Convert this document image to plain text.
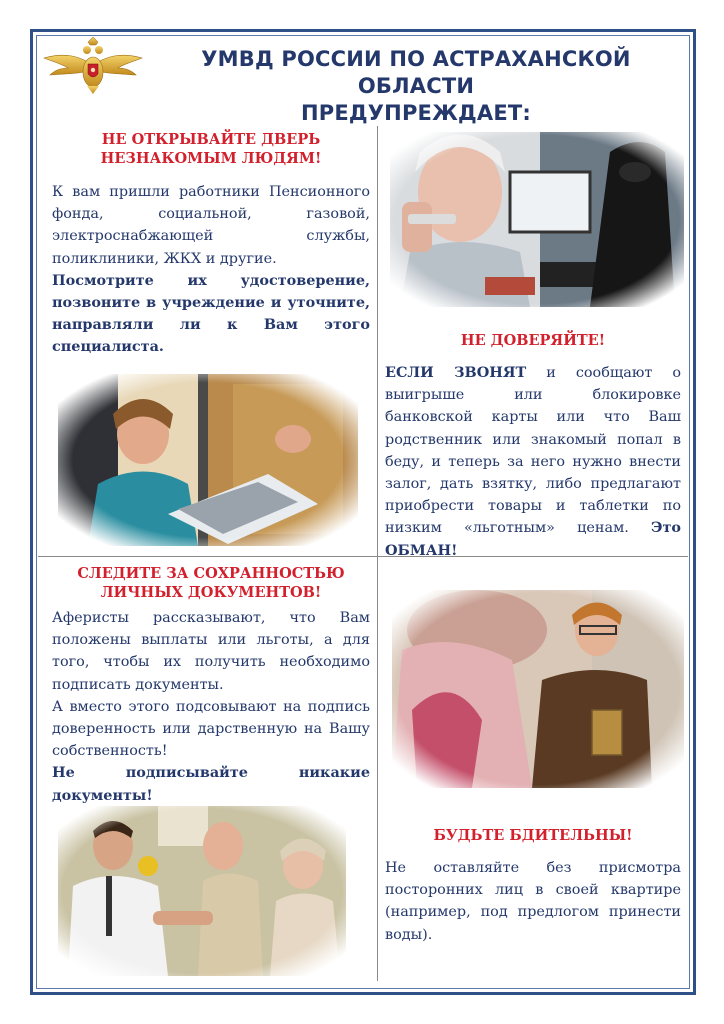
УМВД РОССИИ ПО АСТРАХАНСКОЙ ОБЛАСТИ
ПРЕДУПРЕЖДАЕТ:
НЕ ОТКРЫВАЙТЕ ДВЕРЬ
НЕЗНАКОМЫМ ЛЮДЯМ!

К вам пришли работники Пенсионного фонда, социальной, газовой, электроснабжающей службы, поликлиники, ЖКХ и другие.

Посмотрите их удостоверение, позвоните в учреждение и уточните, направляли ли к Вам этого специалиста.	НЕ ДОВЕРЯЙТЕ!

ЕСЛИ ЗВОНЯТ и сообщают о выигрыше или блокировке банковской карты или что Ваш родственник или знакомый попал в беду, и теперь за него нужно внести залог, дать взятку, либо предлагают приобрести товары и таблетки по низким «льготным» ценам. Это ОБМАН!

СЛЕДИТЕ ЗА СОХРАННОСТЬЮ
ЛИЧНЫХ ДОКУМЕНТОВ!

Аферисты рассказывают, что Вам положены выплаты или льготы, а для того, чтобы их получить необходимо подписать документы.

А вместо этого подсовывают на подпись доверенность или дарственную на Вашу собственность!

Не подписывайте никакие документы!

БУДЬТЕ БДИТЕЛЬНЫ!

Не оставляйте без присмотра посторонних лиц в своей квартире (например, под предлогом принести воды).
